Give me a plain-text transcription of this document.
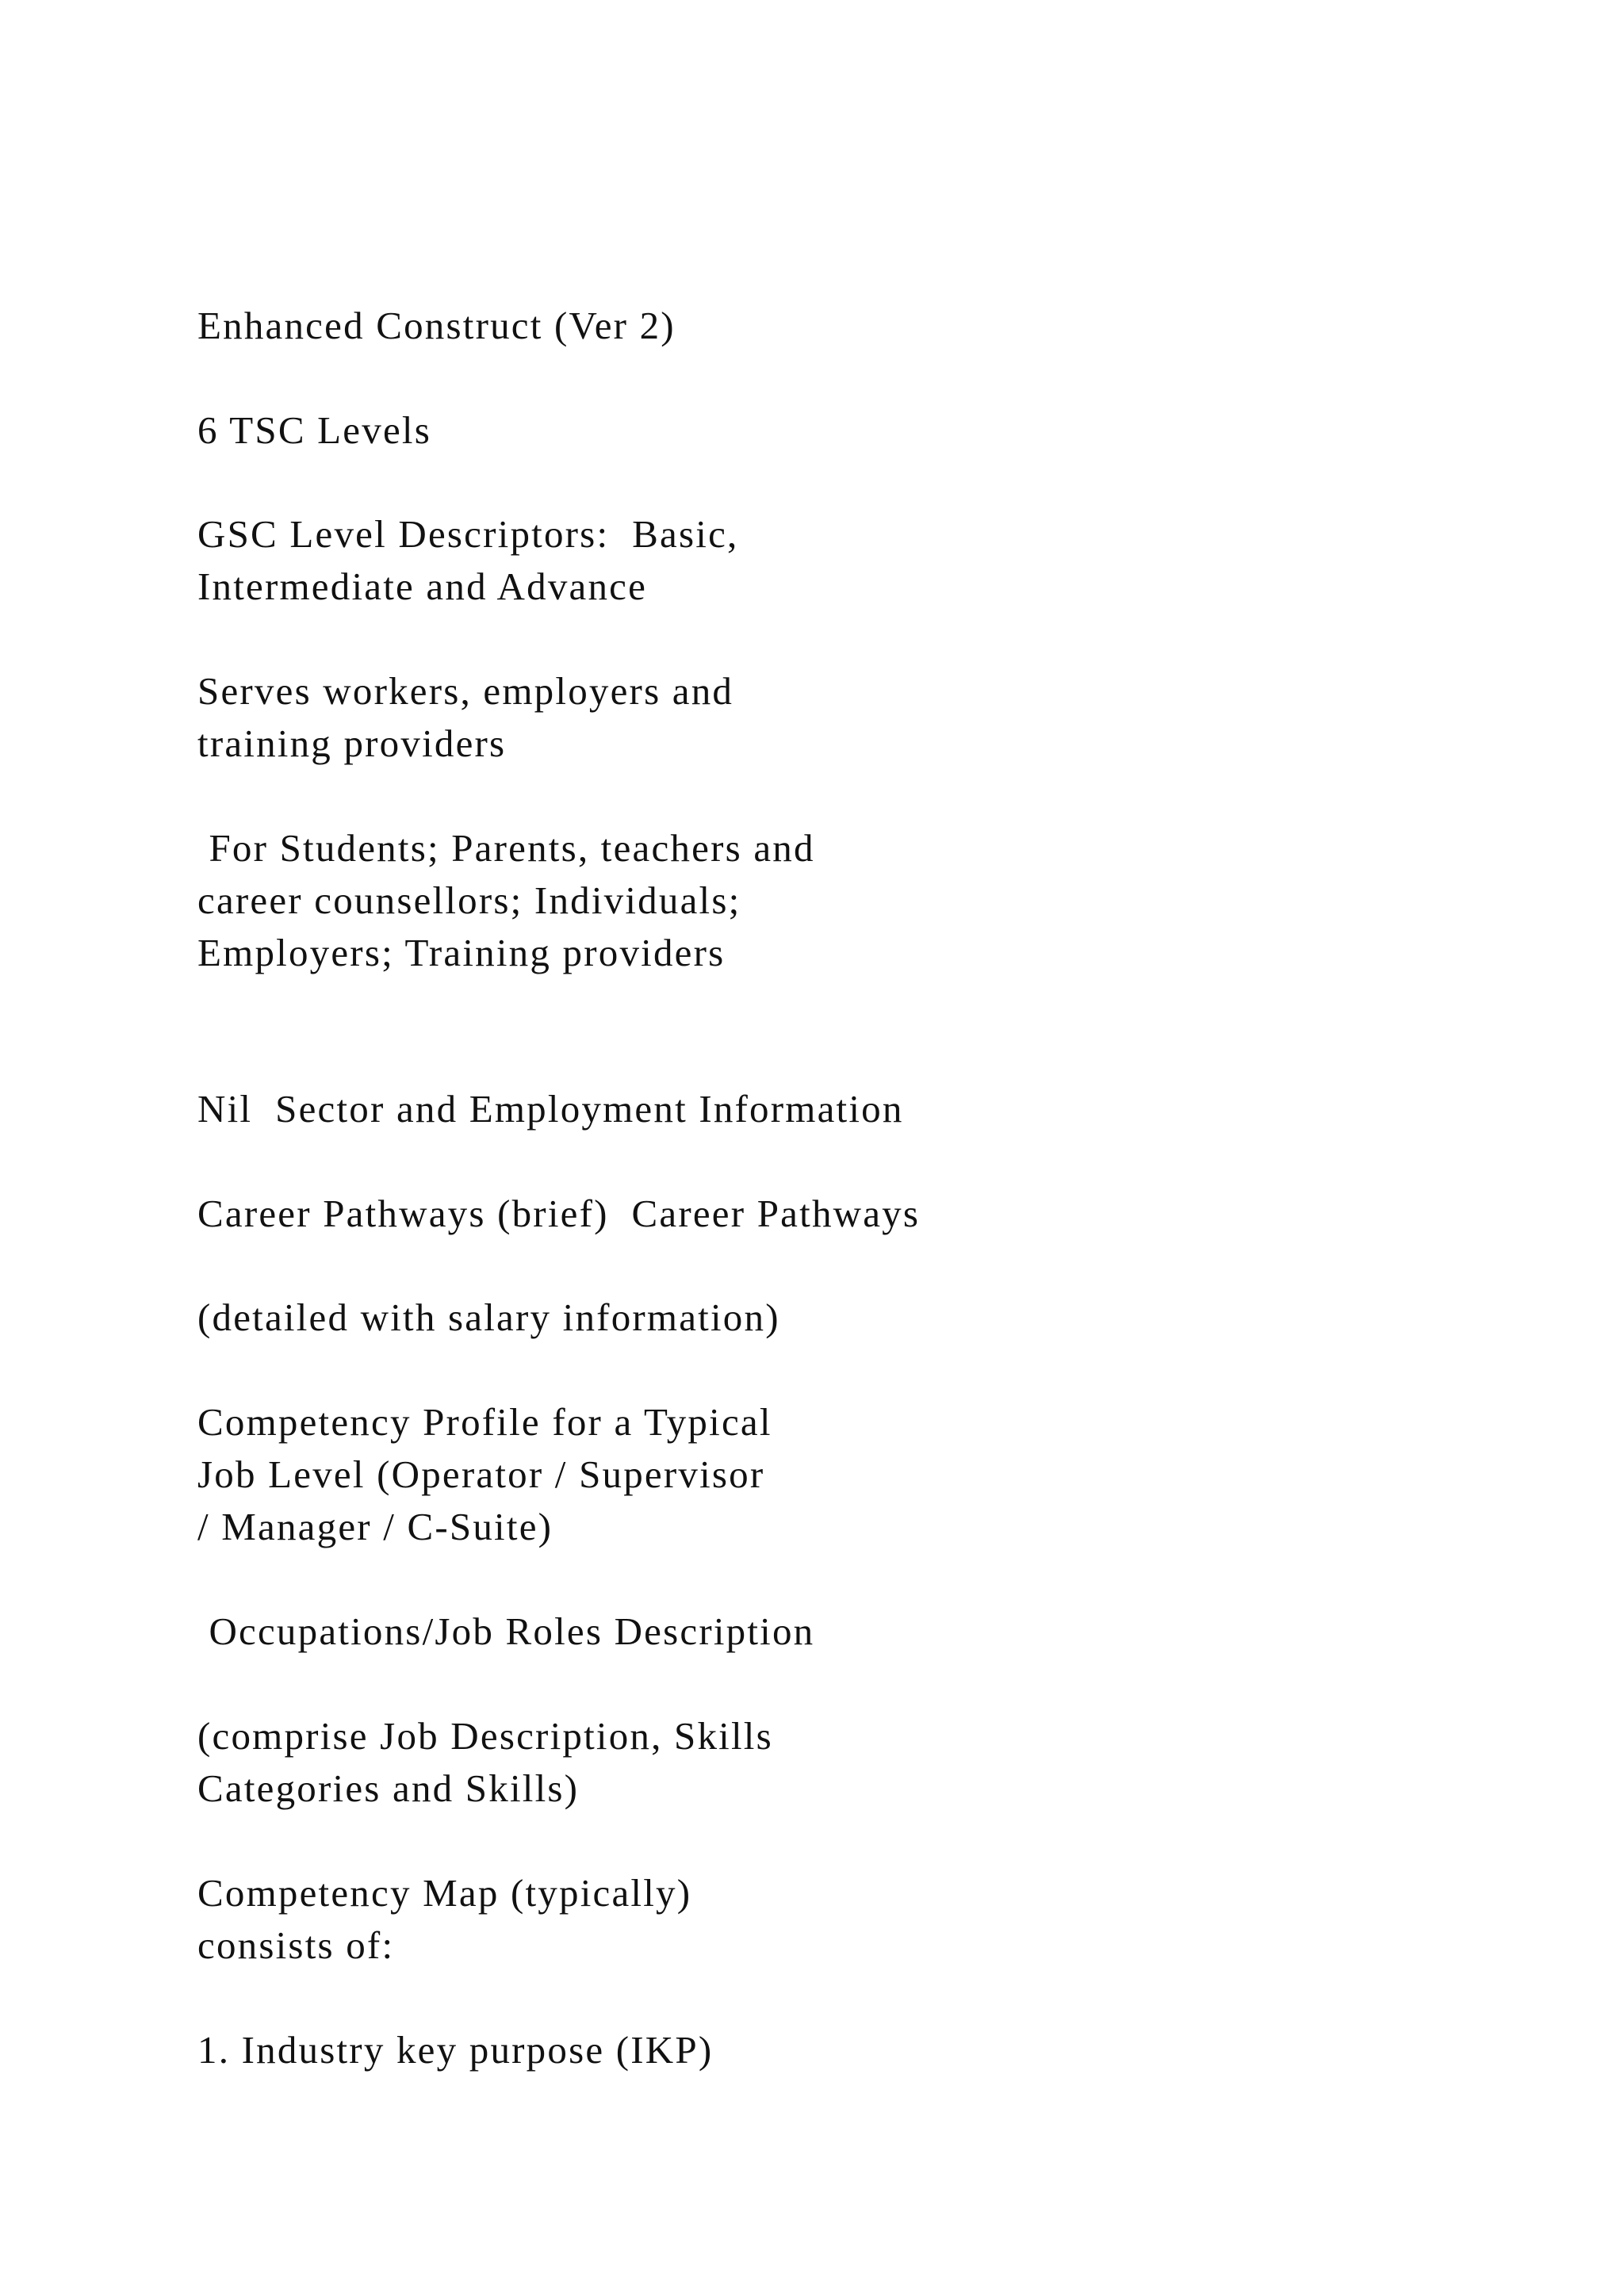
Enhanced Construct (Ver 2)

6 TSC Levels

GSC Level Descriptors:  Basic,

Intermediate and Advance

Serves workers, employers and

training providers

For Students; Parents, teachers and

career counsellors; Individuals;

Employers; Training providers

Nil  Sector and Employment Information

Career Pathways (brief)  Career Pathways

(detailed with salary information)

Competency Profile for a Typical

Job Level (Operator / Supervisor

/ Manager / C-Suite)

Occupations/Job Roles Description

(comprise Job Description, Skills

Categories and Skills)

Competency Map (typically)

consists of:

1. Industry key purpose (IKP)
